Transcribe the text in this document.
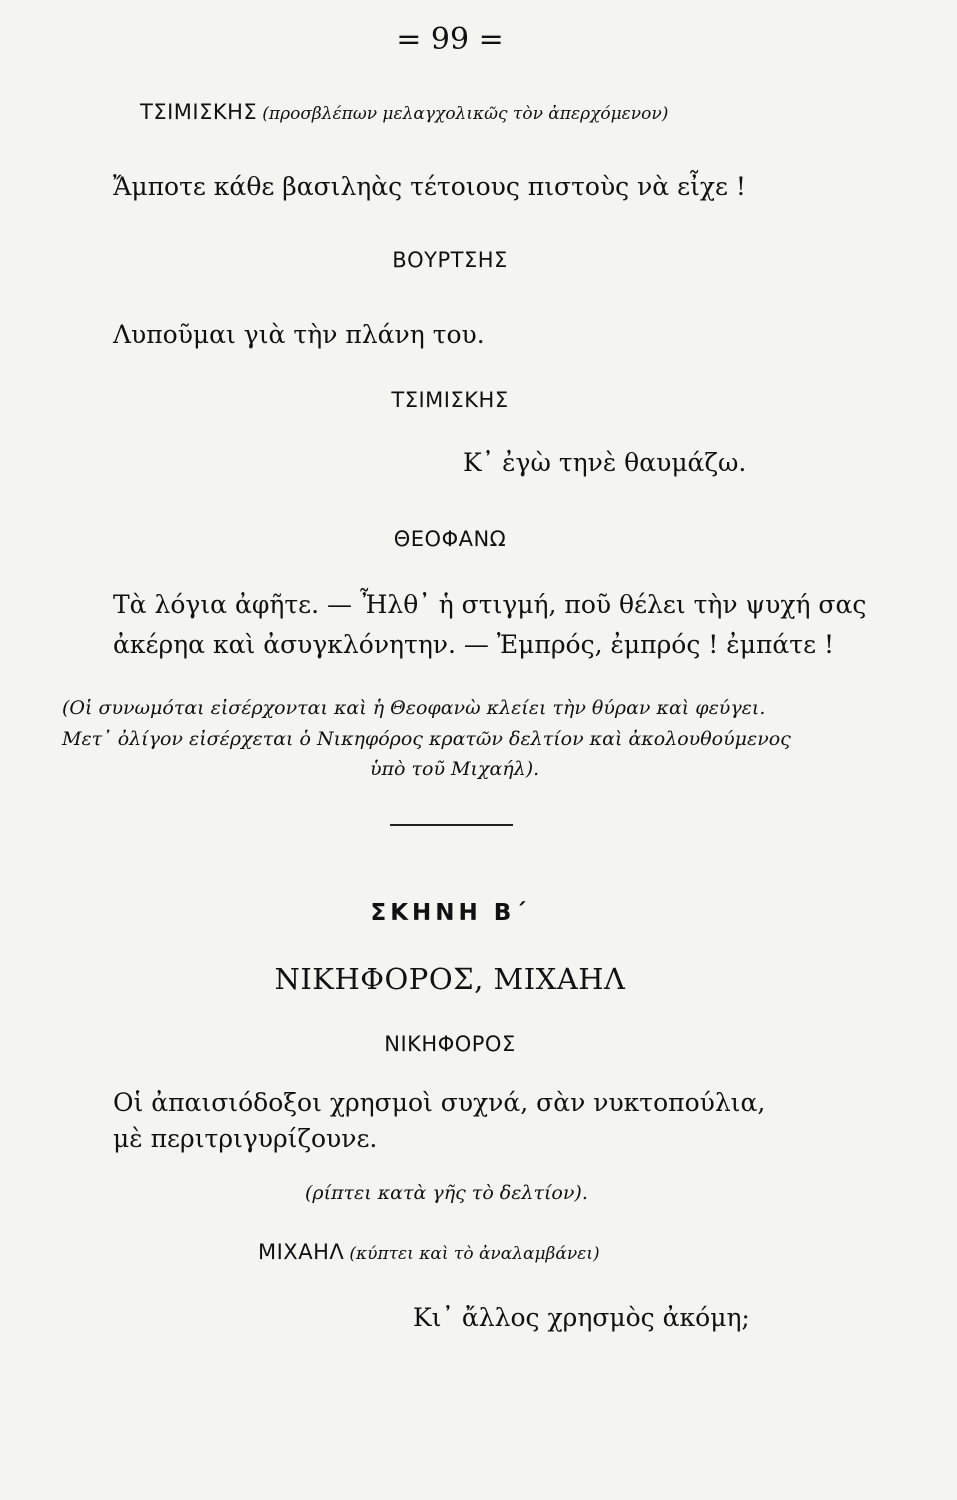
= 99 =
ΤΣΙΜΙΣΚΗΣ (προσβλέπων μελαγχολικῶς τὸν ἀπερχόμενον)
Ἄμποτε κάθε βασιληὰς τέτοιους πιστοὺς νὰ εἶχε !
ΒΟΥΡΤΣΗΣ
Λυποῦμαι γιὰ τὴν πλάνη του.
ΤΣΙΜΙΣΚΗΣ
Κ᾽ ἐγὼ τηνὲ θαυμάζω.
ΘΕΟΦΑΝΩ
Τὰ λόγια ἀφῆτε. — Ἦλθ᾽ ἡ στιγμή, ποῦ θέλει τὴν ψυχή σας
ἀκέρηα καὶ ἀσυγκλόνητην. — Ἐμπρός, ἐμπρός ! ἐμπάτε !
(Οἱ συνωμόται εἰσέρχονται καὶ ἡ Θεοφανὼ κλείει τὴν θύραν καὶ φεύγει.
Μετ᾽ ὀλίγον εἰσέρχεται ὁ Νικηφόρος κρατῶν δελτίον καὶ ἀκολουθούμενος
ὑπὸ τοῦ Μιχαήλ).
ΣΚΗΝΗ Β΄
ΝΙΚΗΦΟΡΟΣ, ΜΙΧΑΗΛ
ΝΙΚΗΦΟΡΟΣ
Οἱ ἀπαισιόδοξοι χρησμοὶ συχνά, σὰν νυκτοπούλια,
μὲ περιτριγυρίζουνε.
(ρίπτει κατὰ γῆς τὸ δελτίον).
ΜΙΧΑΗΛ (κύπτει καὶ τὸ ἀναλαμβάνει)
Κι᾽ ἄλλος χρησμὸς ἀκόμη;
